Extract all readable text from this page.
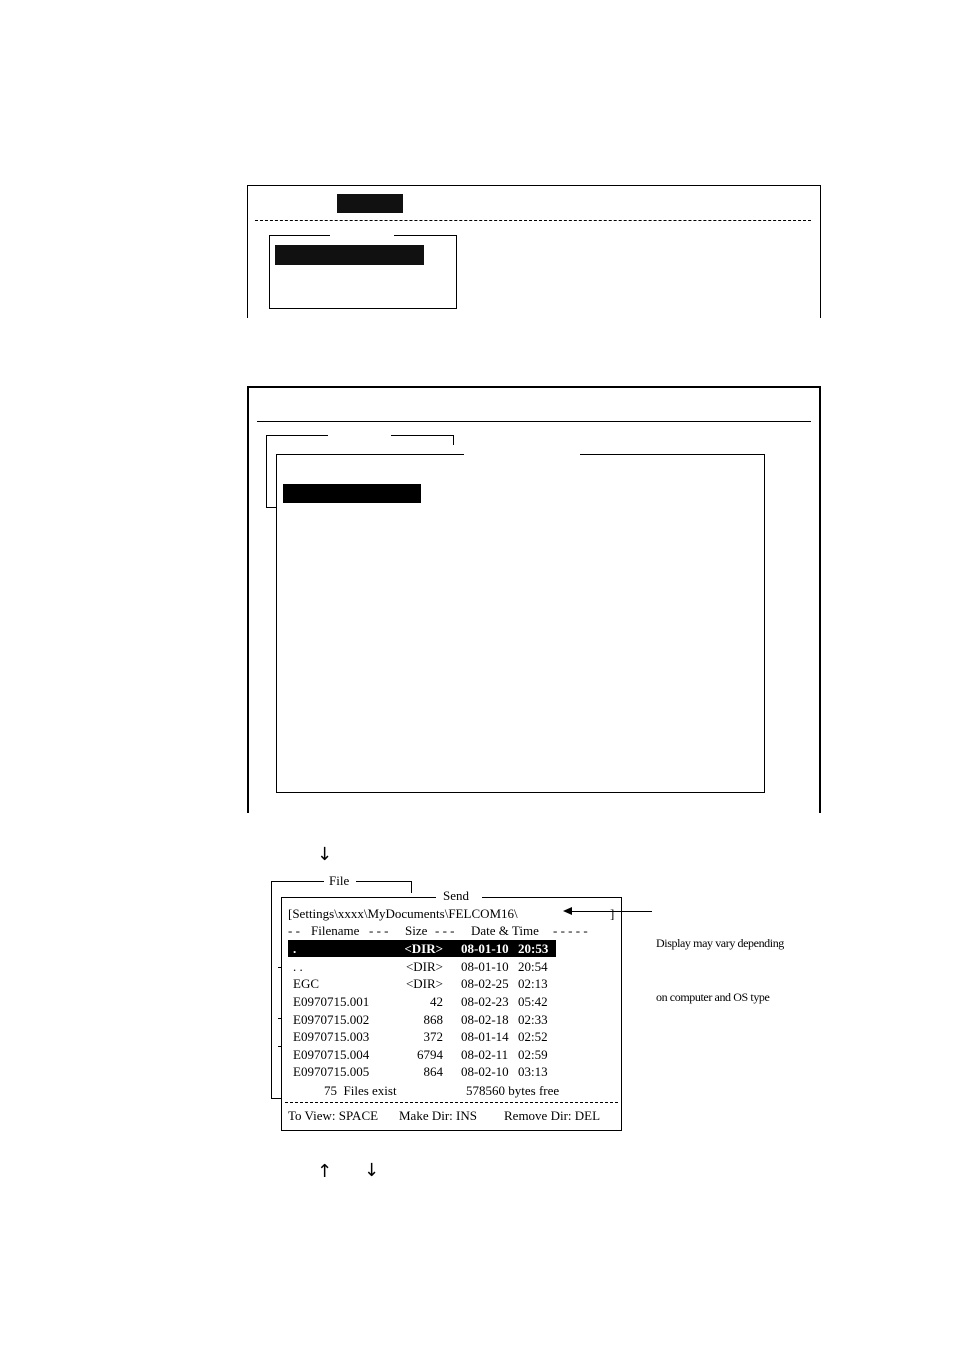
↓
File
Send
[Settings\xxxx\MyDocuments\FELCOM16\	]

Display may vary depending

on computer and OS type

- - Filename - - - Size - - - Date & Time - - - - -
.	<DIR> 08-01-10 20:53
. .	<DIR> 08-01-10 20:54
EGC	<DIR> 08-02-25 02:13
E0970715.001	42 08-02-23 05:42
E0970715.002	868 08-02-18 02:33
E0970715.003	372 08-01-14 02:52
E0970715.004	6794 08-02-11 02:59
E0970715.005	864 08-02-10 03:13
75  Files exist	578560 bytes free
To View: SPACE Make Dir: INS Remove Dir: DEL
↑ ↓
